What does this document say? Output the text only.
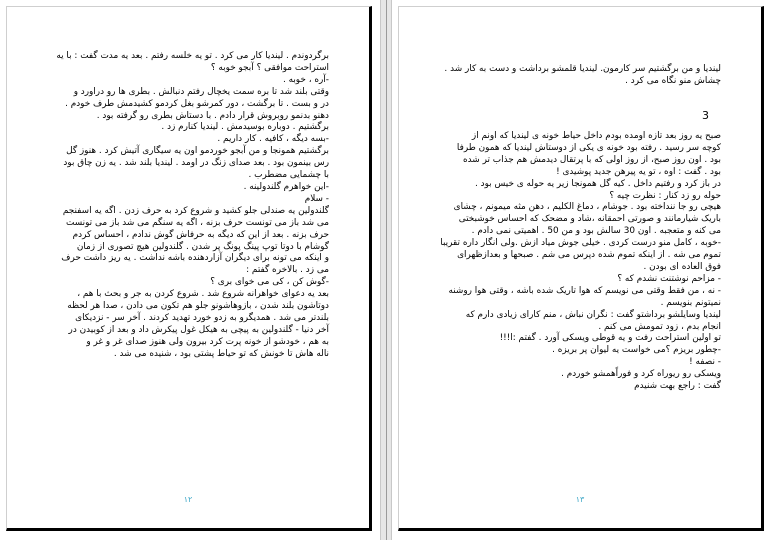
برگردوندم . لیندیا کار می کرد . تو یه خلسه رفتم . بعد یه مدت گفت : با یه

استراحت موافقی ؟ آبجو خوبه ؟

-آره ، خوبه .

وقتی بلند شد تا بره سمت یخچال رفتم دنبالش . بطری ها رو دراورد و

در و بست . تا برگشت ، دور کمرشو بغل کردمو کشیدمش طرف خودم .

دهنو بدنمو روبروش قرار دادم . با دستاش بطری رو گرفته بود .

برگشتیم . دوباره بوسیدمش . لیندیا کنارم زد .

-بسه دیگه ، کافیه . کار داریم .

برگشتیم همونجا و من آبجو خوردمو اون یه سیگاری آتیش کرد . هنوز گل

رس بینمون بود . بعد صدای زنگ در اومد . لیندیا بلند شد . یه زن چاق بود

با چشمایی مضطرب .

-این خواهرم گلندولینه .

- سلام

گلندولین یه صندلی جلو کشید و شروع کرد به حرف زدن . اگه یه اسفنجم

می شد باز می تونست حرف بزنه ، اگه یه سنگم می شد باز می تونست

حرف بزنه . بعد از این که دیگه به حرفاش گوش ندادم ، احساس کردم

گوشام با دوتا توپ پینگ پونگ پر شدن . گلندولین هیچ تصوری از زمان

و اینکه می تونه برای دیگران آزاردهنده باشه نداشت . یه ریز داشت حرف

می زد . بالاخره گفتم :

-گوش کن ، کی می خوای بری ؟

بعد یه دعوای خواهرانه شروع شد . شروع کردن به جر و بحث با هم ،

دوتاشون بلند شدن ، بازوهاشونو جلو هم تکون می دادن ، صدا هر لحظه

بلندتر می شد . همدیگرو به زدو خورد تهدید کردند . آخر سر - نزدیکای

آخر دنیا - گلندولین به پیچی به هیکل غول پیکرش داد و بعد از کوبیدن در

به هم ، خودشو از خونه پرت کرد بیرون ولی هنوز صدای غر و غر و

ناله هاش تا خونش که تو حیاط پشتی بود ، شنیده می شد .

۱۲

لیندیا و من برگشتیم سر کارمون. لیندیا قلمشو برداشت و دست به کار شد .

چشاش منو نگاه می کرد .

3

صبح یه روز بعد تازه اومده بودم داخل حیاط خونه ی لیندیا که اونم از

کوچه سر رسید . رفته بود خونه ی یکی از دوستاش لیندیا که همون طرفا

بود . اون روز صبح، از روز اولی که با پرتقال دیدمش هم جذاب تر شده

بود . گفت : اوه ، تو یه پیرهن جدید پوشیدی !

در باز کرد و رفتیم داخل . کیه گل همونجا زیر یه حوله ی خیس بود .

حوله رو زد کنار : نظرت چیه ؟

هیچی رو جا ننداخته بود . جوشام ، دماغ الکلیم ، دهن مثه میمونم ، چشای

باریک شیارمانند و صورتی احمقانه ،شاد و مضحک که احساس خوشبختی

می کنه و متعجبه . اون 30 سالش بود و من 50 . اهمیتی نمی دادم .

-خوبه ، کامل منو درست کردی . خیلی جوش میاد ازش .ولی انگار داره تقریبا

تموم می شه . از اینکه تموم شده دپرس می شم . صبحها و بعدازظهرای

فوق العاده ای بودن .

- مزاحم نوشتنت نشدم که ؟

- نه ، من فقط وقتی می نویسم که هوا تاریک شده باشه ، وقتی هوا روشنه

نمیتونم بنویسم .

لیندیا وسایلشو برداشتو گفت : نگران نباش ، منم کارای زیادی دارم که

انجام بدم ، زود تمومش می کنم .

تو اولین استراحت رفت و یه قوطی ویسکی آورد . گفتم :ا!!!

-چطور بریزم ؟می خواست یه لیوان پر بریزه .

- نصفه !

ویسکی رو ریوراه کرد و فوراًهمشو خوردم .

گفت : راجع بهت شنیدم

۱۳
